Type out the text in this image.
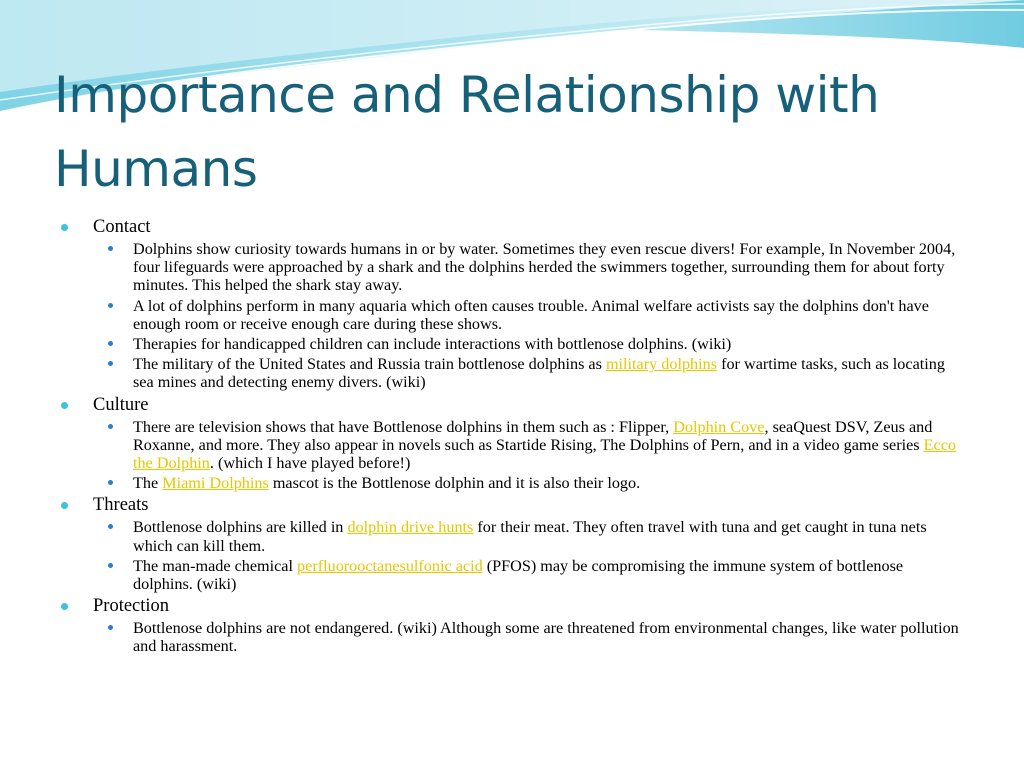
Importance and Relationship with Humans
Contact
Dolphins show curiosity towards humans in or by water. Sometimes they even rescue divers! For example, In November 2004, four lifeguards were approached by a shark and the dolphins herded the swimmers together, surrounding them for about forty minutes. This helped the shark stay away.
A lot of dolphins perform in many aquaria which often causes trouble. Animal welfare activists say the dolphins don't have enough room or receive enough care during these shows.
Therapies for handicapped children can include interactions with bottlenose dolphins. (wiki)
The military of the United States and Russia train bottlenose dolphins as military dolphins for wartime tasks, such as locating sea mines and detecting enemy divers. (wiki)
Culture
There are television shows that have Bottlenose dolphins in them such as : Flipper, Dolphin Cove, seaQuest DSV, Zeus and Roxanne, and more. They also appear in novels such as Startide Rising, The Dolphins of Pern, and in a video game series Ecco the Dolphin. (which I have played before!)
The Miami Dolphins mascot is the Bottlenose dolphin and it is also their logo.
Threats
Bottlenose dolphins are killed in dolphin drive hunts for their meat. They often travel with tuna and get caught in tuna nets which can kill them.
The man-made chemical perfluorooctanesulfonic acid (PFOS) may be compromising the immune system of bottlenose dolphins. (wiki)
Protection
Bottlenose dolphins are not endangered. (wiki) Although some are threatened from environmental changes, like water pollution and harassment.
